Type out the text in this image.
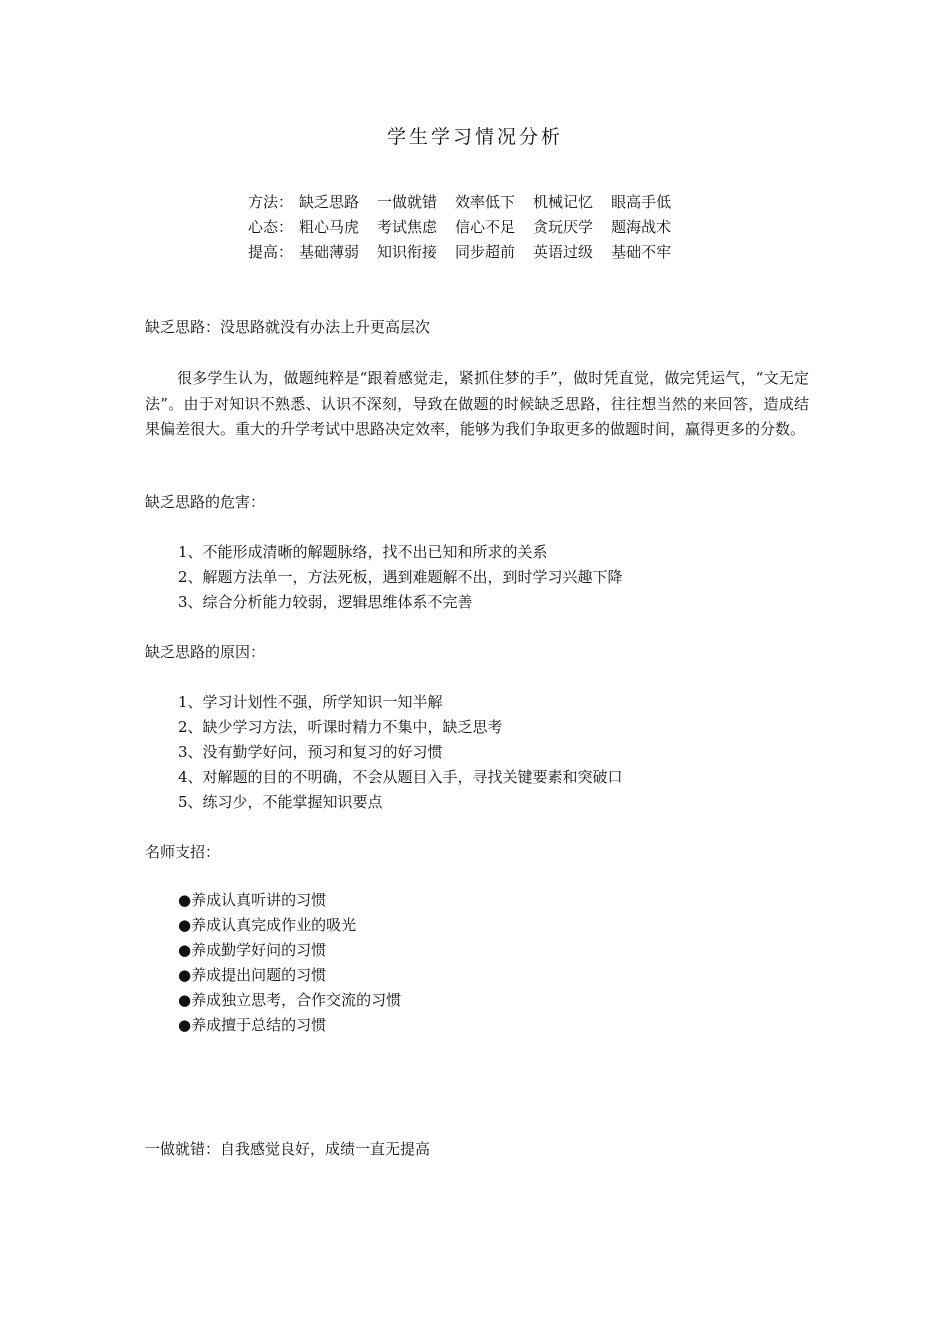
学生学习情况分析
方法： 缺乏思路 一做就错 效率低下 机械记忆 眼高手低
心态： 粗心马虎 考试焦虑 信心不足 贪玩厌学 题海战术
提高： 基础薄弱 知识衔接 同步超前 英语过级 基础不牢
缺乏思路：没思路就没有办法上升更高层次
很多学生认为，做题纯粹是“跟着感觉走，紧抓住梦的手”，做时凭直觉，做完凭运气，“文无定法”。由于对知识不熟悉、认识不深刻，导致在做题的时候缺乏思路，往往想当然的来回答，造成结果偏差很大。重大的升学考试中思路决定效率，能够为我们争取更多的做题时间，赢得更多的分数。
缺乏思路的危害：
1、不能形成清晰的解题脉络，找不出已知和所求的关系
2、解题方法单一，方法死板，遇到难题解不出，到时学习兴趣下降
3、综合分析能力较弱，逻辑思维体系不完善
缺乏思路的原因：
1、学习计划性不强，所学知识一知半解
2、缺少学习方法，听课时精力不集中，缺乏思考
3、没有勤学好问，预习和复习的好习惯
4、对解题的目的不明确，不会从题目入手，寻找关键要素和突破口
5、练习少，不能掌握知识要点
名师支招：
●养成认真听讲的习惯
●养成认真完成作业的吸光
●养成勤学好问的习惯
●养成提出问题的习惯
●养成独立思考，合作交流的习惯
●养成擅于总结的习惯
一做就错：自我感觉良好，成绩一直无提高
